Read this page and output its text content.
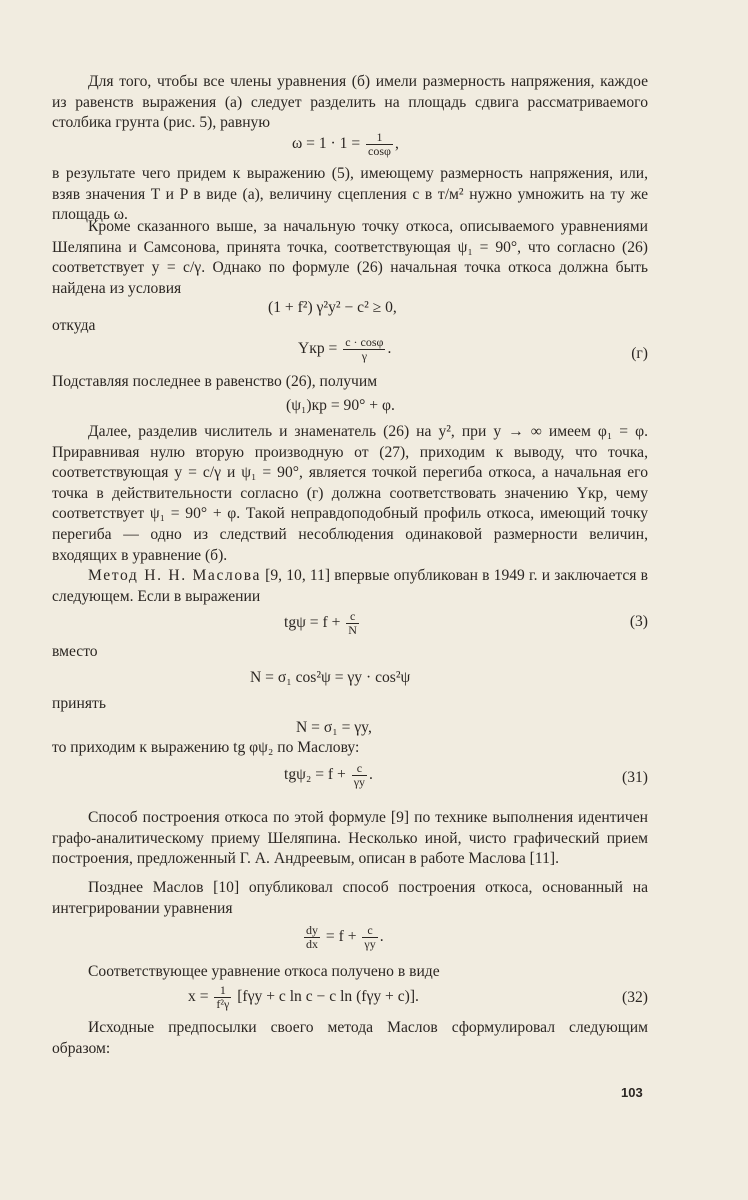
Для того, чтобы все члены уравнения (б) имели размерность напряжения, каждое из равенств выражения (а) следует разделить на площадь сдвига рассматриваемого столбика грунта (рис. 5), равную

$\omega = 1 \cdot 1 = \frac{1}{\cos\varphi}$ ,

в результате чего придем к выражению (5), имеющему размерность напряжения, или, взяв значения T и P в виде (а), величину сцепления c в т/м² нужно умножить на ту же площадь ω.

Кроме сказанного выше, за начальную точку откоса, описываемого уравнениями Шеляпина и Самсонова, принята точка, соответствующая ψ₁ = 90°, что согласно (26) соответствует y = c/γ. Однако по формуле (26) начальная точка откоса должна быть найдена из условия

(1 + f²) γ²y² − c² ≥ 0,
откуда
Yкр = $\frac{c \cdot \cos\varphi}{\gamma}$ .	(г)

Подставляя последнее в равенство (26), получим

(ψ₁)кр = 90° + φ.

Далее, разделив числитель и знаменатель (26) на y², при y → ∞ имеем φ₁ = φ. Приравнивая нулю вторую производную от (27), приходим к выводу, что точка, соответствующая y = c/γ и ψ₁ = 90°, является точкой перегиба откоса, а начальная его точка в действительности согласно (г) должна соответствовать значению Yкр, чему соответствует ψ₁ = 90° + φ. Такой неправдоподобный профиль откоса, имеющий точку перегиба — одно из следствий несоблюдения одинаковой размерности величин, входящих в уравнение (б).

Метод Н. Н. Маслова [9, 10, 11] впервые опубликован в 1949 г. и заключается в следующем. Если в выражении

$tg\psi = f + \frac{c}{N}$	(3)
вместо
N = σ₁ cos²ψ = γy · cos²ψ
принять
N = σ₁ = γy,
то приходим к выражению tg φψ₂ по Маслову:
$tg\psi_2 = f + \frac{c}{\gamma y}$ .	(31)

Способ построения откоса по этой формуле [9] по технике выполнения идентичен графо-аналитическому приему Шеляпина. Несколько иной, чисто графический прием построения, предложенный Г. А. Андреевым, описан в работе Маслова [11].

Позднее Маслов [10] опубликовал способ построения откоса, основанный на интегрировании уравнения

$\frac{dy}{dx} = f + \frac{c}{\gamma y}$ .

Соответствующее уравнение откоса получено в виде

$x = \frac{1}{\text{f²γ}} [f\gamma y + c$ ln c − c ln (fγy + c)].	(32)

Исходные предпосылки своего метода Маслов сформулировал следующим образом:

103
